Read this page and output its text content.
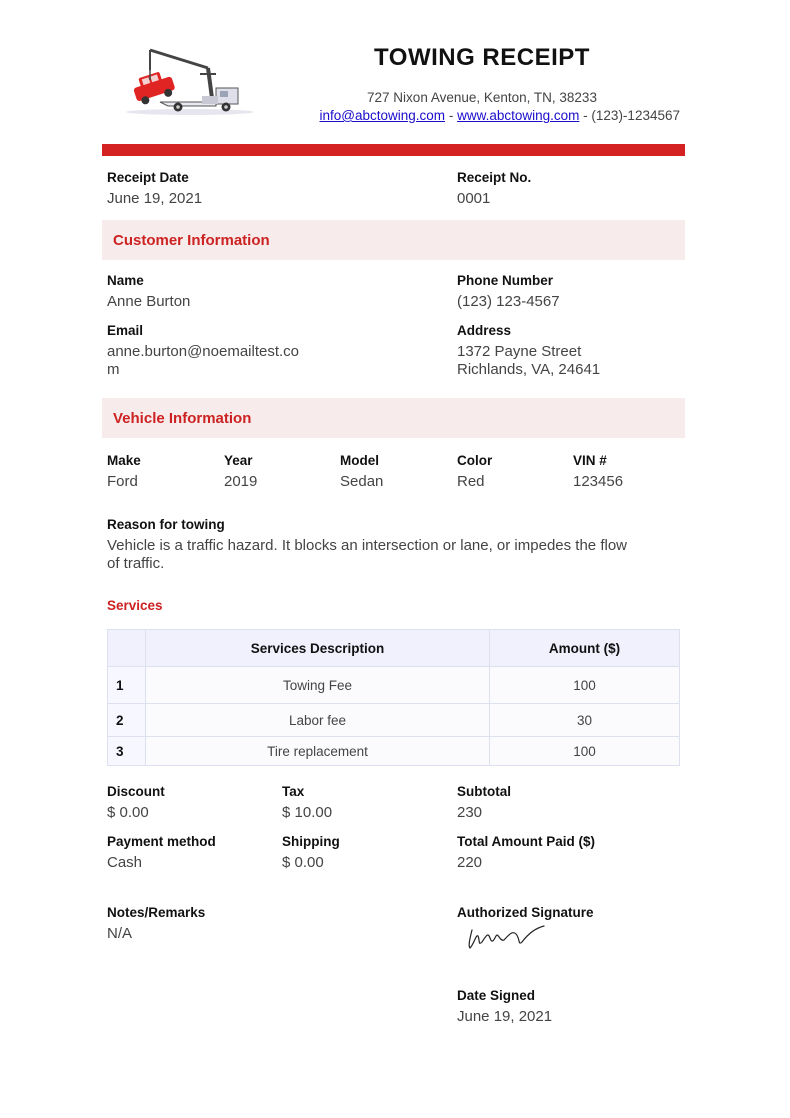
TOWING RECEIPT
727 Nixon Avenue, Kenton, TN, 38233
info@abctowing.com - www.abctowing.com - (123)-1234567
Receipt Date
June 19, 2021
Receipt No.
0001
Customer Information
Name
Anne Burton
Phone Number
(123) 123-4567
Email
anne.burton@noemailtest.co
m
Address
1372 Payne Street
Richlands, VA, 24641
Vehicle Information
Make
Ford
Year
2019
Model
Sedan
Color
Red
VIN #
123456
Reason for towing
Vehicle is a traffic hazard. It blocks an intersection or lane, or impedes the flow
of traffic.
Services
	Services Description	Amount ($)
1	Towing Fee	100
2	Labor fee	30
3	Tire replacement	100
Discount
$ 0.00
Tax
$ 10.00
Subtotal
230
Payment method
Cash
Shipping
$ 0.00
Total Amount Paid ($)
220
Notes/Remarks
N/A
Authorized Signature
Date Signed
June 19, 2021
